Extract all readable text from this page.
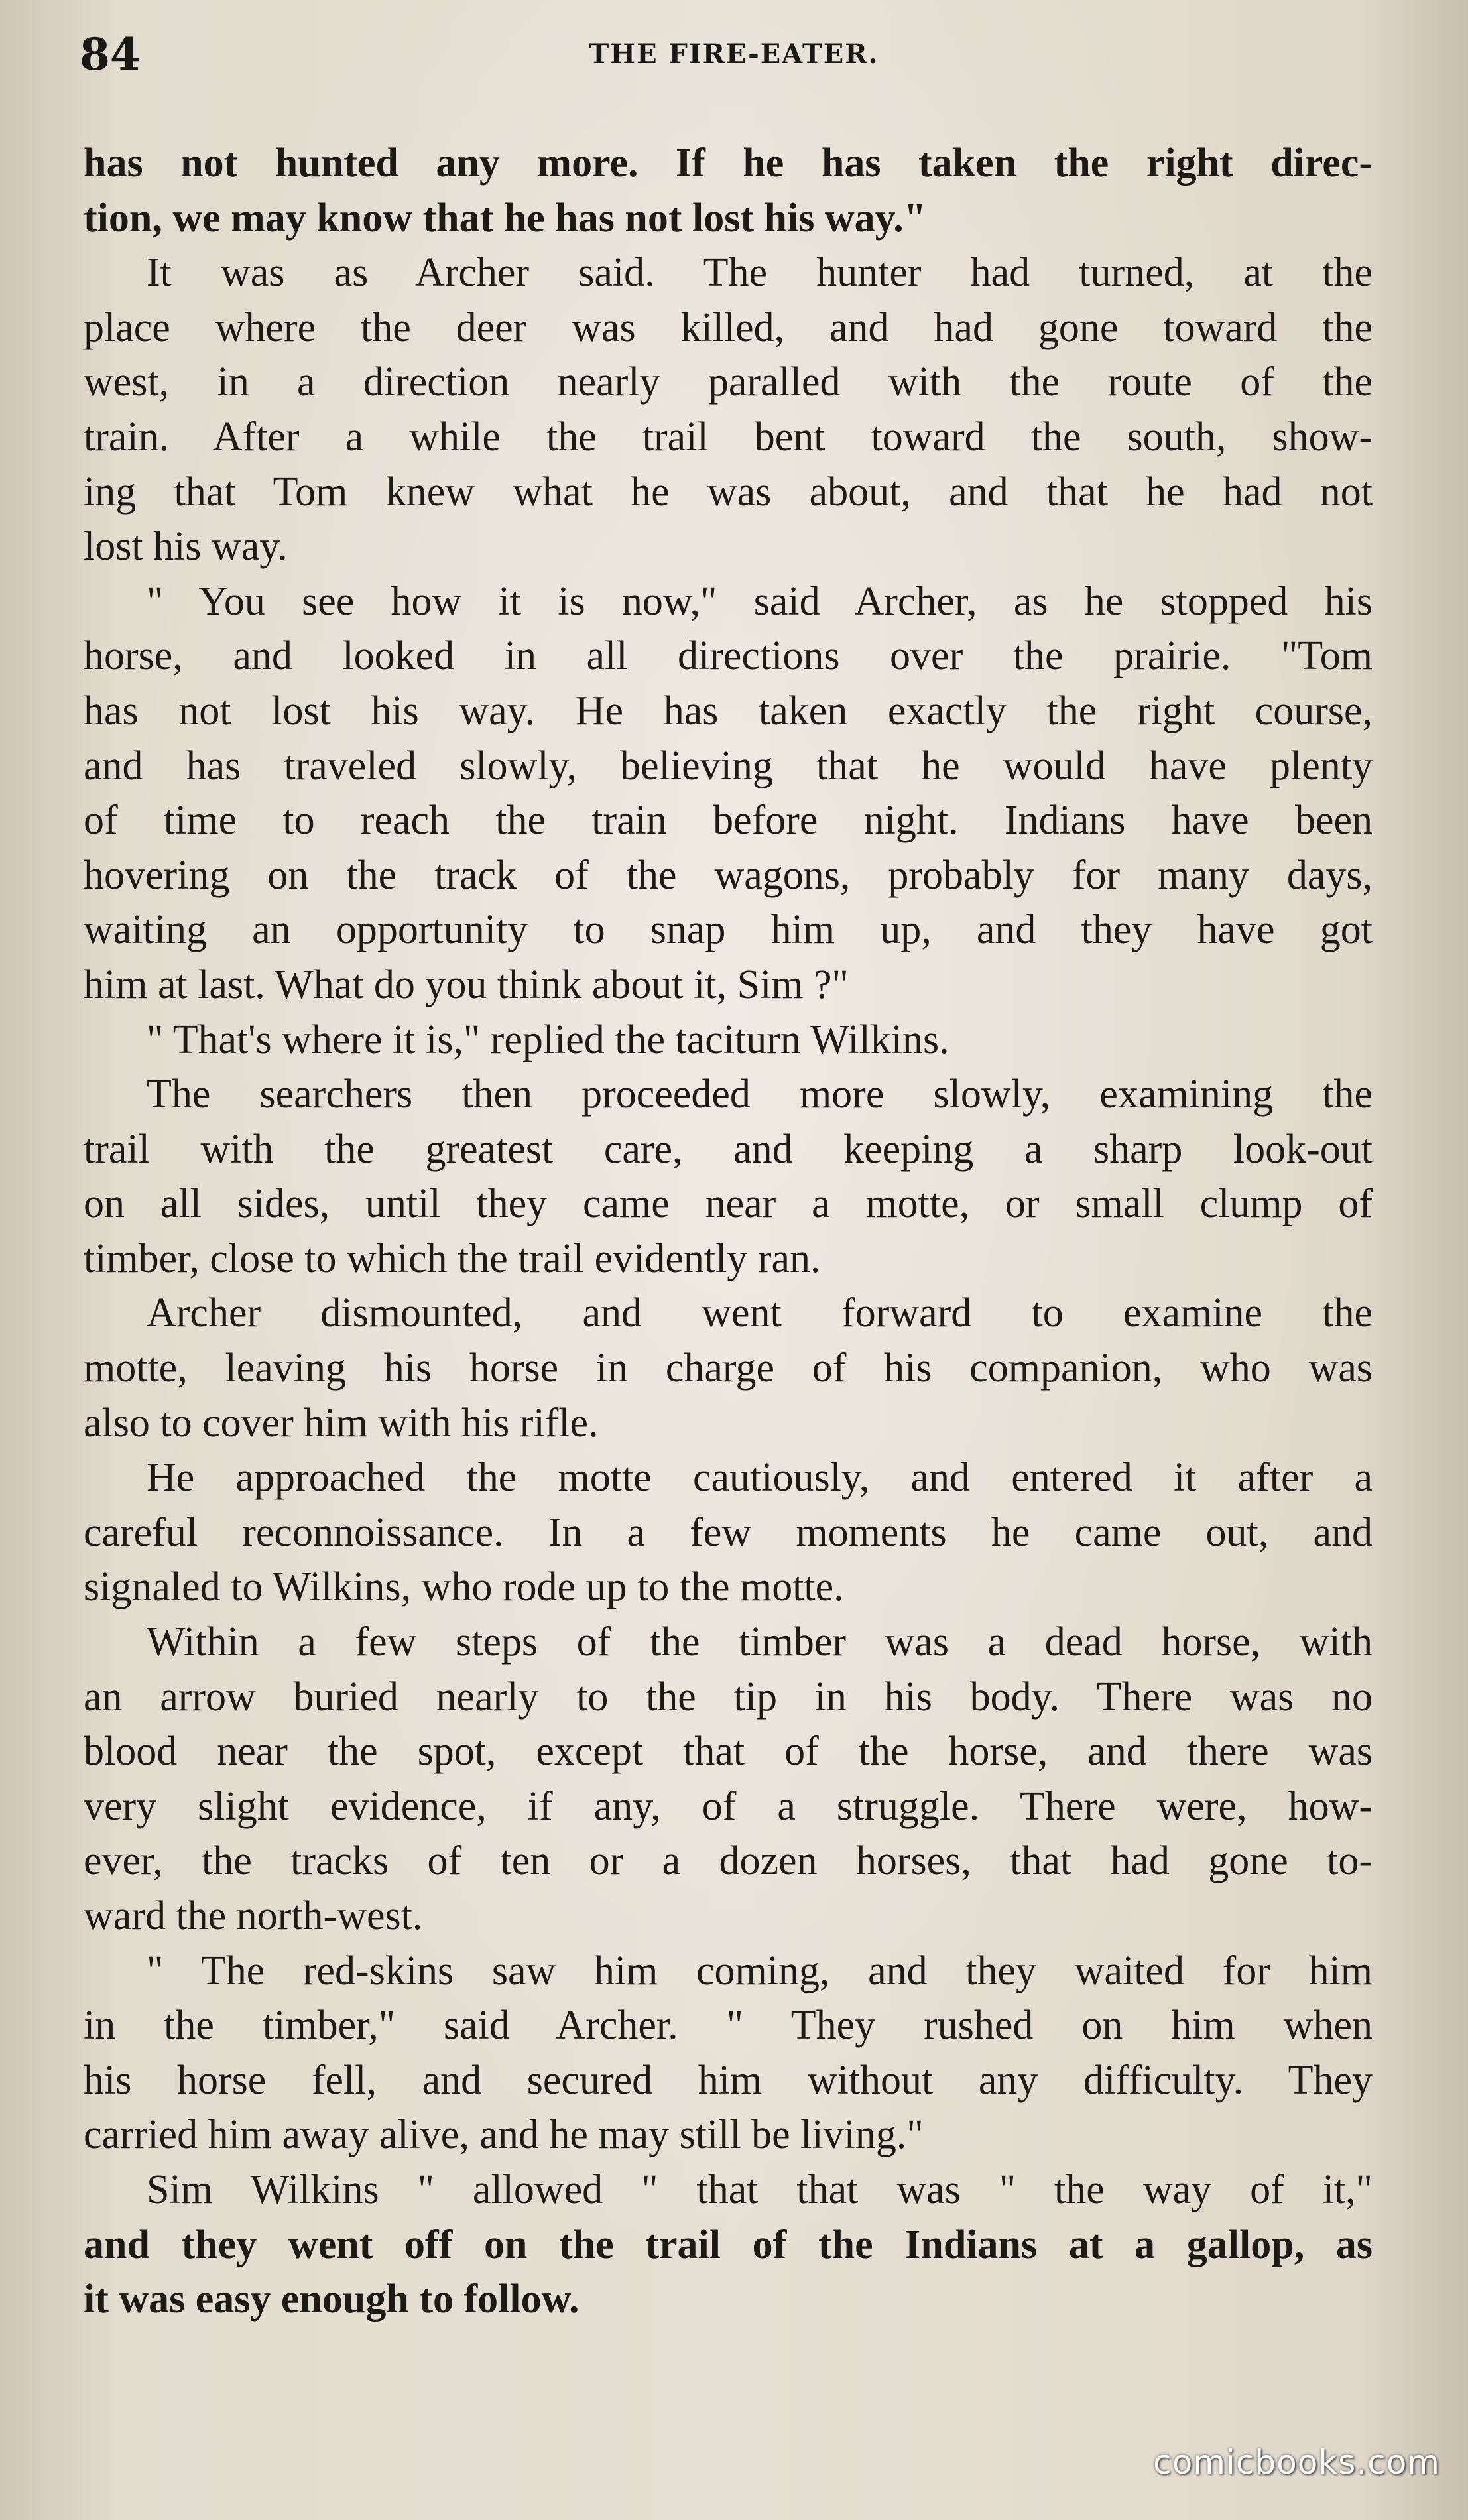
84	THE FIRE-EATER.
has not hunted any more. If he has taken the right direc-
tion, we may know that he has not lost his way."
It was as Archer said. The hunter had turned, at the
place where the deer was killed, and had gone toward the
west, in a direction nearly paralled with the route of the
train. After a while the trail bent toward the south, show-
ing that Tom knew what he was about, and that he had not
lost his way.
" You see how it is now," said Archer, as he stopped his
horse, and looked in all directions over the prairie. "Tom
has not lost his way. He has taken exactly the right course,
and has traveled slowly, believing that he would have plenty
of time to reach the train before night. Indians have been
hovering on the track of the wagons, probably for many days,
waiting an opportunity to snap him up, and they have got
him at last. What do you think about it, Sim ?"
" That's where it is," replied the taciturn Wilkins.
The searchers then proceeded more slowly, examining the
trail with the greatest care, and keeping a sharp look-out
on all sides, until they came near a motte, or small clump of
timber, close to which the trail evidently ran.
Archer dismounted, and went forward to examine the
motte, leaving his horse in charge of his companion, who was
also to cover him with his rifle.
He approached the motte cautiously, and entered it after a
careful reconnoissance. In a few moments he came out, and
signaled to Wilkins, who rode up to the motte.
Within a few steps of the timber was a dead horse, with
an arrow buried nearly to the tip in his body. There was no
blood near the spot, except that of the horse, and there was
very slight evidence, if any, of a struggle. There were, how-
ever, the tracks of ten or a dozen horses, that had gone to-
ward the north-west.
" The red-skins saw him coming, and they waited for him
in the timber," said Archer. " They rushed on him when
his horse fell, and secured him without any difficulty. They
carried him away alive, and he may still be living."
Sim Wilkins " allowed " that that was " the way of it,"
and they went off on the trail of the Indians at a gallop, as
it was easy enough to follow.
comicbooks.com
